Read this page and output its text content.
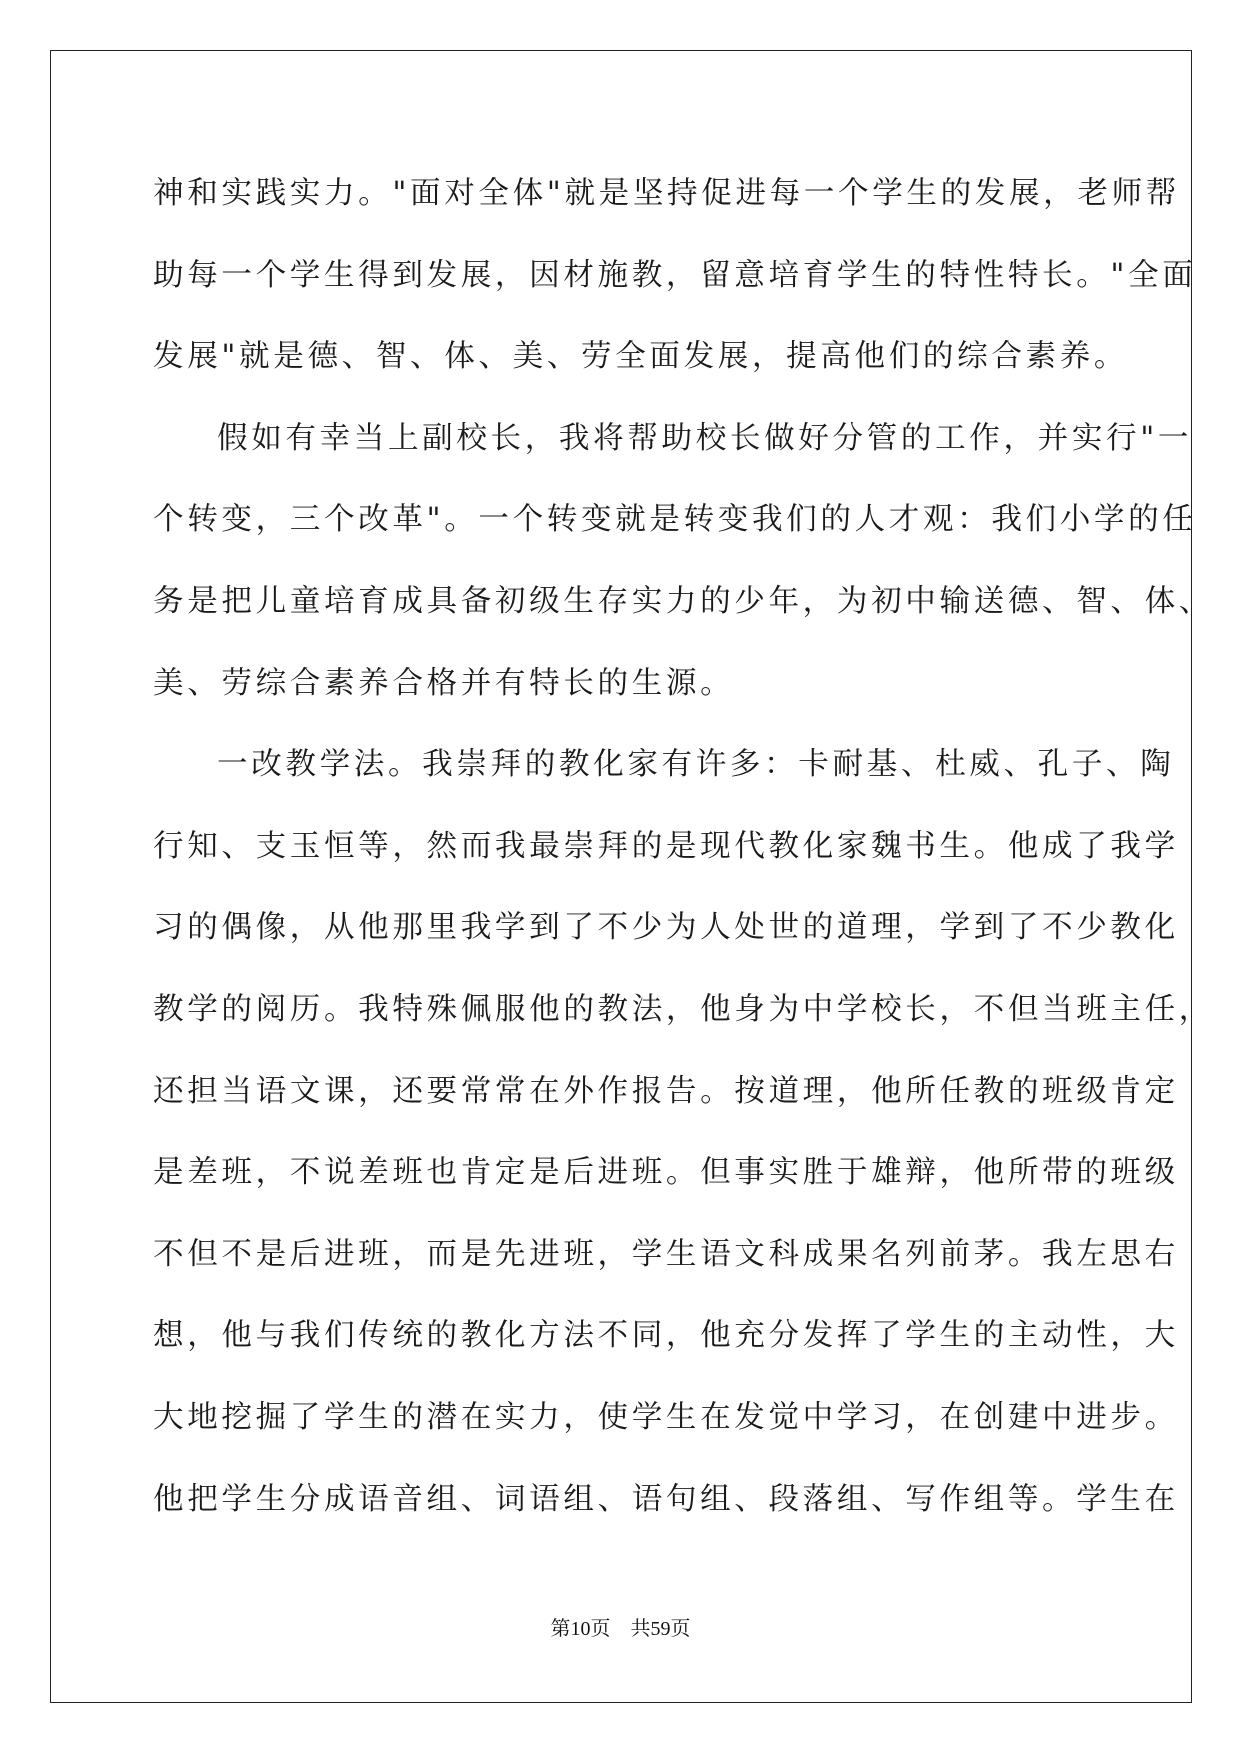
神和实践实力。"面对全体"就是坚持促进每一个学生的发展，老师帮
助每一个学生得到发展，因材施教，留意培育学生的特性特长。"全面
发展"就是德、智、体、美、劳全面发展，提高他们的综合素养。
假如有幸当上副校长，我将帮助校长做好分管的工作，并实行"一
个转变，三个改革"。一个转变就是转变我们的人才观：我们小学的任
务是把儿童培育成具备初级生存实力的少年，为初中输送德、智、体、
美、劳综合素养合格并有特长的生源。
一改教学法。我崇拜的教化家有许多：卡耐基、杜威、孔子、陶
行知、支玉恒等，然而我最崇拜的是现代教化家魏书生。他成了我学
习的偶像，从他那里我学到了不少为人处世的道理，学到了不少教化
教学的阅历。我特殊佩服他的教法，他身为中学校长，不但当班主任，
还担当语文课，还要常常在外作报告。按道理，他所任教的班级肯定
是差班，不说差班也肯定是后进班。但事实胜于雄辩，他所带的班级
不但不是后进班，而是先进班，学生语文科成果名列前茅。我左思右
想，他与我们传统的教化方法不同，他充分发挥了学生的主动性，大
大地挖掘了学生的潜在实力，使学生在发觉中学习，在创建中进步。
他把学生分成语音组、词语组、语句组、段落组、写作组等。学生在
第10页　共59页
